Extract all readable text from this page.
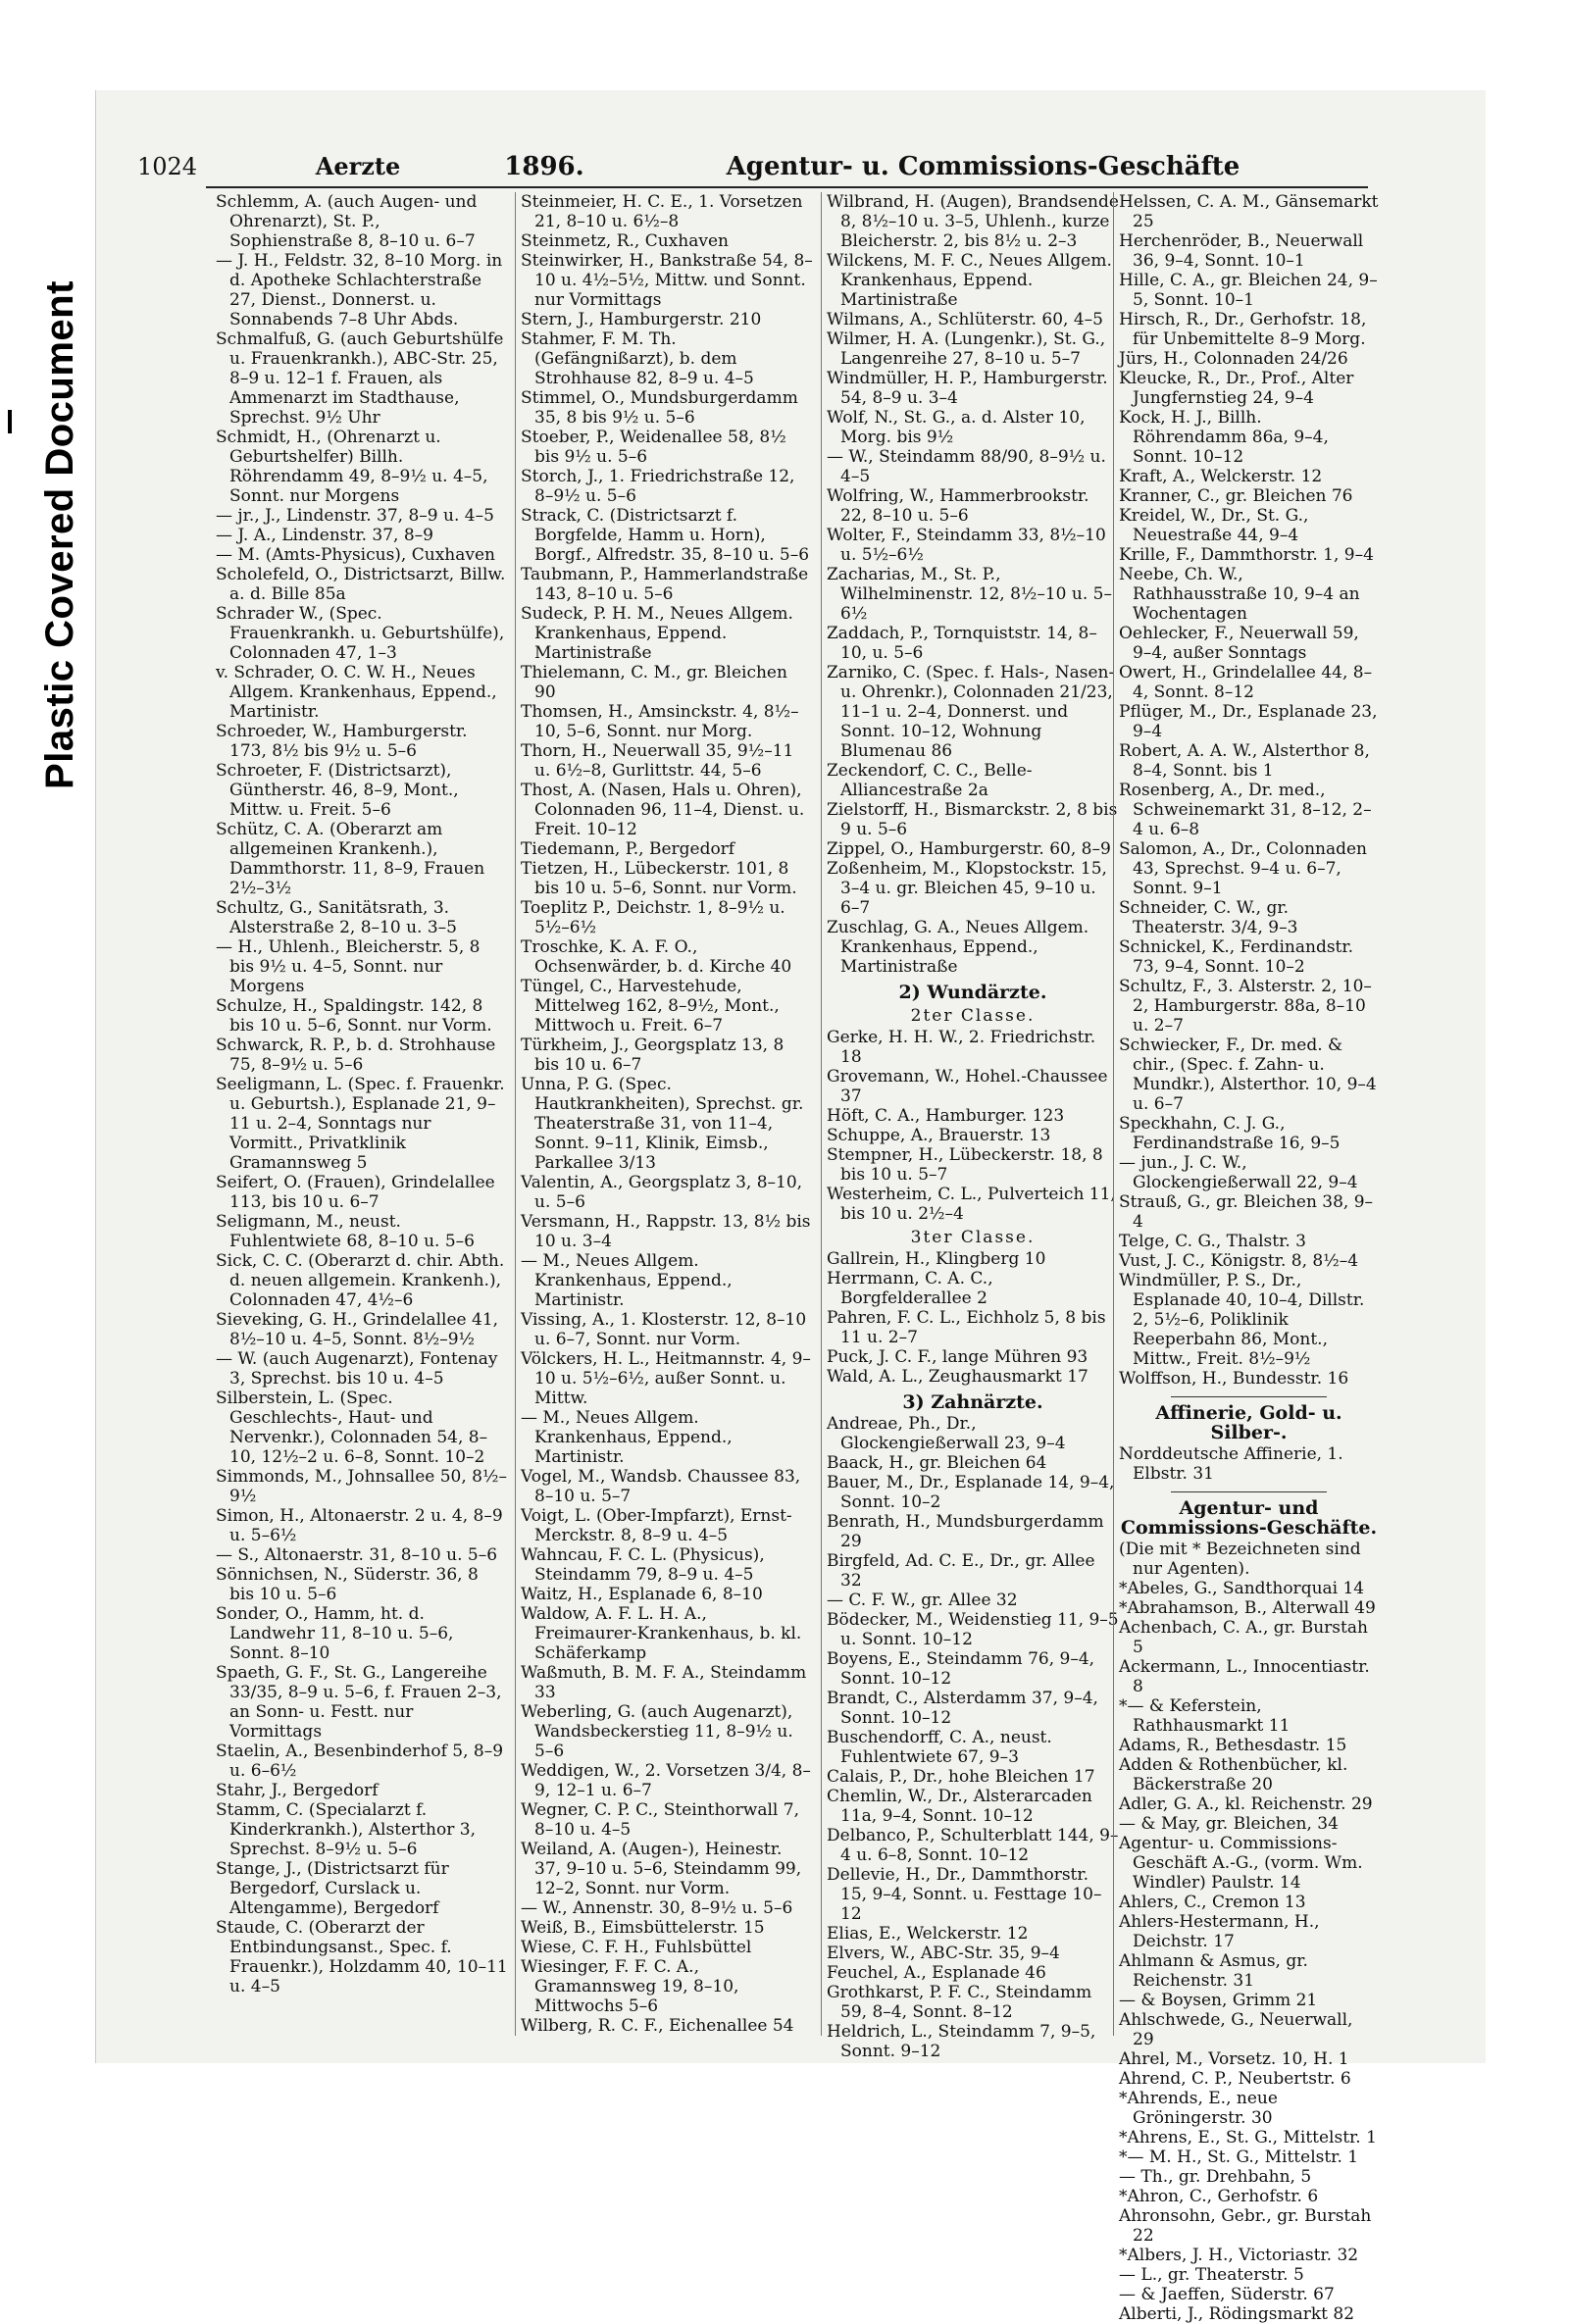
Plastic Covered Document
1024	Aerzte	1896.	Agentur- u. Commissions-Geschäfte

Schlemm, A. (auch Augen- und Ohrenarzt), St. P., Sophienstraße 8, 8–10 u. 6–7

— J. H., Feldstr. 32, 8–10 Morg. in d. Apotheke Schlachterstraße 27, Dienst., Donnerst. u. Sonnabends 7–8 Uhr Abds.

Schmalfuß, G. (auch Geburtshülfe u. Frauenkrankh.), ABC-Str. 25, 8–9 u. 12–1 f. Frauen, als Ammenarzt im Stadthause, Sprechst. 9½ Uhr

Schmidt, H., (Ohrenarzt u. Geburtshelfer) Billh. Röhrendamm 49, 8–9½ u. 4–5, Sonnt. nur Morgens

— jr., J., Lindenstr. 37, 8–9 u. 4–5

— J. A., Lindenstr. 37, 8–9

— M. (Amts-Physicus), Cuxhaven

Scholefeld, O., Districtsarzt, Billw. a. d. Bille 85a

Schrader W., (Spec. Frauenkrankh. u. Geburtshülfe), Colonnaden 47, 1–3

v. Schrader, O. C. W. H., Neues Allgem. Krankenhaus, Eppend., Martinistr.

Schroeder, W., Hamburgerstr. 173, 8½ bis 9½ u. 5–6

Schroeter, F. (Districtsarzt), Güntherstr. 46, 8–9, Mont., Mittw. u. Freit. 5–6

Schütz, C. A. (Oberarzt am allgemeinen Krankenh.), Dammthorstr. 11, 8–9, Frauen 2½–3½

Schultz, G., Sanitätsrath, 3. Alsterstraße 2, 8–10 u. 3–5

— H., Uhlenh., Bleicherstr. 5, 8 bis 9½ u. 4–5, Sonnt. nur Morgens

Schulze, H., Spaldingstr. 142, 8 bis 10 u. 5–6, Sonnt. nur Vorm.

Schwarck, R. P., b. d. Strohhause 75, 8–9½ u. 5–6

Seeligmann, L. (Spec. f. Frauenkr. u. Geburtsh.), Esplanade 21, 9–11 u. 2–4, Sonntags nur Vormitt., Privatklinik Gramannsweg 5

Seifert, O. (Frauen), Grindelallee 113, bis 10 u. 6–7

Seligmann, M., neust. Fuhlentwiete 68, 8–10 u. 5–6

Sick, C. C. (Oberarzt d. chir. Abth. d. neuen allgemein. Krankenh.), Colonnaden 47, 4½–6

Sieveking, G. H., Grindelallee 41, 8½–10 u. 4–5, Sonnt. 8½–9½

— W. (auch Augenarzt), Fontenay 3, Sprechst. bis 10 u. 4–5

Silberstein, L. (Spec. Geschlechts-, Haut- und Nervenkr.), Colonnaden 54, 8–10, 12½–2 u. 6–8, Sonnt. 10–2

Simmonds, M., Johnsallee 50, 8½–9½

Simon, H., Altonaerstr. 2 u. 4, 8–9 u. 5–6½

— S., Altonaerstr. 31, 8–10 u. 5–6

Sönnichsen, N., Süderstr. 36, 8 bis 10 u. 5–6

Sonder, O., Hamm, ht. d. Landwehr 11, 8–10 u. 5–6, Sonnt. 8–10

Spaeth, G. F., St. G., Langereihe 33/35, 8–9 u. 5–6, f. Frauen 2–3, an Sonn- u. Festt. nur Vormittags

Staelin, A., Besenbinderhof 5, 8–9 u. 6–6½

Stahr, J., Bergedorf

Stamm, C. (Specialarzt f. Kinderkrankh.), Alsterthor 3, Sprechst. 8–9½ u. 5–6

Stange, J., (Districtsarzt für Bergedorf, Curslack u. Altengamme), Bergedorf

Staude, C. (Oberarzt der Entbindungsanst., Spec. f. Frauenkr.), Holzdamm 40, 10–11 u. 4–5

Steinmeier, H. C. E., 1. Vorsetzen 21, 8–10 u. 6½–8

Steinmetz, R., Cuxhaven

Steinwirker, H., Bankstraße 54, 8–10 u. 4½–5½, Mittw. und Sonnt. nur Vormittags

Stern, J., Hamburgerstr. 210

Stahmer, F. M. Th. (Gefängnißarzt), b. dem Strohhause 82, 8–9 u. 4–5

Stimmel, O., Mundsburgerdamm 35, 8 bis 9½ u. 5–6

Stoeber, P., Weidenallee 58, 8½ bis 9½ u. 5–6

Storch, J., 1. Friedrichstraße 12, 8–9½ u. 5–6

Strack, C. (Districtsarzt f. Borgfelde, Hamm u. Horn), Borgf., Alfredstr. 35, 8–10 u. 5–6

Taubmann, P., Hammerlandstraße 143, 8–10 u. 5–6

Sudeck, P. H. M., Neues Allgem. Krankenhaus, Eppend. Martinistraße

Thielemann, C. M., gr. Bleichen 90

Thomsen, H., Amsinckstr. 4, 8½–10, 5–6, Sonnt. nur Morg.

Thorn, H., Neuerwall 35, 9½–11 u. 6½–8, Gurlittstr. 44, 5–6

Thost, A. (Nasen, Hals u. Ohren), Colonnaden 96, 11–4, Dienst. u. Freit. 10–12

Tiedemann, P., Bergedorf

Tietzen, H., Lübeckerstr. 101, 8 bis 10 u. 5–6, Sonnt. nur Vorm.

Toeplitz P., Deichstr. 1, 8–9½ u. 5½–6½

Troschke, K. A. F. O., Ochsenwärder, b. d. Kirche 40

Tüngel, C., Harvestehude, Mittelweg 162, 8–9½, Mont., Mittwoch u. Freit. 6–7

Türkheim, J., Georgsplatz 13, 8 bis 10 u. 6–7

Unna, P. G. (Spec. Hautkrankheiten), Sprechst. gr. Theaterstraße 31, von 11–4, Sonnt. 9–11, Klinik, Eimsb., Parkallee 3/13

Valentin, A., Georgsplatz 3, 8–10, u. 5–6

Versmann, H., Rappstr. 13, 8½ bis 10 u. 3–4

— M., Neues Allgem. Krankenhaus, Eppend., Martinistr.

Vissing, A., 1. Klosterstr. 12, 8–10 u. 6–7, Sonnt. nur Vorm.

Völckers, H. L., Heitmannstr. 4, 9–10 u. 5½–6½, außer Sonnt. u. Mittw.

— M., Neues Allgem. Krankenhaus, Eppend., Martinistr.

Vogel, M., Wandsb. Chaussee 83, 8–10 u. 5–7

Voigt, L. (Ober-Impfarzt), Ernst-Merckstr. 8, 8–9 u. 4–5

Wahncau, F. C. L. (Physicus), Steindamm 79, 8–9 u. 4–5

Waitz, H., Esplanade 6, 8–10

Waldow, A. F. L. H. A., Freimaurer-Krankenhaus, b. kl. Schäferkamp

Waßmuth, B. M. F. A., Steindamm 33

Weberling, G. (auch Augenarzt), Wandsbeckerstieg 11, 8–9½ u. 5–6

Weddigen, W., 2. Vorsetzen 3/4, 8–9, 12–1 u. 6–7

Wegner, C. P. C., Steinthorwall 7, 8–10 u. 4–5

Weiland, A. (Augen-), Heinestr. 37, 9–10 u. 5–6, Steindamm 99, 12–2, Sonnt. nur Vorm.

— W., Annenstr. 30, 8–9½ u. 5–6

Weiß, B., Eimsbüttelerstr. 15

Wiese, C. F. H., Fuhlsbüttel

Wiesinger, F. F. C. A., Gramannsweg 19, 8–10, Mittwochs 5–6

Wilberg, R. C. F., Eichenallee 54

Wilbrand, H. (Augen), Brandsende 8, 8½–10 u. 3–5, Uhlenh., kurze Bleicherstr. 2, bis 8½ u. 2–3

Wilckens, M. F. C., Neues Allgem. Krankenhaus, Eppend. Martinistraße

Wilmans, A., Schlüterstr. 60, 4–5

Wilmer, H. A. (Lungenkr.), St. G., Langenreihe 27, 8–10 u. 5–7

Windmüller, H. P., Hamburgerstr. 54, 8–9 u. 3–4

Wolf, N., St. G., a. d. Alster 10, Morg. bis 9½

— W., Steindamm 88/90, 8–9½ u. 4–5

Wolfring, W., Hammerbrookstr. 22, 8–10 u. 5–6

Wolter, F., Steindamm 33, 8½–10 u. 5½–6½

Zacharias, M., St. P., Wilhelminenstr. 12, 8½–10 u. 5–6½

Zaddach, P., Tornquiststr. 14, 8–10, u. 5–6

Zarniko, C. (Spec. f. Hals-, Nasen- u. Ohrenkr.), Colonnaden 21/23, 11–1 u. 2–4, Donnerst. und Sonnt. 10–12, Wohnung Blumenau 86

Zeckendorf, C. C., Belle-Alliancestraße 2a

Zielstorff, H., Bismarckstr. 2, 8 bis 9 u. 5–6

Zippel, O., Hamburgerstr. 60, 8–9

Zoßenheim, M., Klopstockstr. 15, 3–4 u. gr. Bleichen 45, 9–10 u. 6–7

Zuschlag, G. A., Neues Allgem. Krankenhaus, Eppend., Martinistraße

2) Wundärzte.
2ter Classe.

Gerke, H. H. W., 2. Friedrichstr. 18

Grovemann, W., Hohel.-Chaussee 37

Höft, C. A., Hamburger. 123

Schuppe, A., Brauerstr. 13

Stempner, H., Lübeckerstr. 18, 8 bis 10 u. 5–7

Westerheim, C. L., Pulverteich 11, bis 10 u. 2½–4

3ter Classe.

Gallrein, H., Klingberg 10

Herrmann, C. A. C., Borgfelderallee 2

Pahren, F. C. L., Eichholz 5, 8 bis 11 u. 2–7

Puck, J. C. F., lange Mühren 93

Wald, A. L., Zeughausmarkt 17

3) Zahnärzte.

Andreae, Ph., Dr., Glockengießerwall 23, 9–4

Baack, H., gr. Bleichen 64

Bauer, M., Dr., Esplanade 14, 9–4, Sonnt. 10–2

Benrath, H., Mundsburgerdamm 29

Birgfeld, Ad. C. E., Dr., gr. Allee 32

— C. F. W., gr. Allee 32

Bödecker, M., Weidenstieg 11, 9–5 u. Sonnt. 10–12

Boyens, E., Steindamm 76, 9–4, Sonnt. 10–12

Brandt, C., Alsterdamm 37, 9–4, Sonnt. 10–12

Buschendorff, C. A., neust. Fuhlentwiete 67, 9–3

Calais, P., Dr., hohe Bleichen 17

Chemlin, W., Dr., Alsterarcaden 11a, 9–4, Sonnt. 10–12

Delbanco, P., Schulterblatt 144, 9–4 u. 6–8, Sonnt. 10–12

Dellevie, H., Dr., Dammthorstr. 15, 9–4, Sonnt. u. Festtage 10–12

Elias, E., Welckerstr. 12

Elvers, W., ABC-Str. 35, 9–4

Feuchel, A., Esplanade 46

Grothkarst, P. F. C., Steindamm 59, 8–4, Sonnt. 8–12

Heldrich, L., Steindamm 7, 9–5, Sonnt. 9–12

Helssen, C. A. M., Gänsemarkt 25

Herchenröder, B., Neuerwall 36, 9–4, Sonnt. 10–1

Hille, C. A., gr. Bleichen 24, 9–5, Sonnt. 10–1

Hirsch, R., Dr., Gerhofstr. 18, für Unbemittelte 8–9 Morg.

Jürs, H., Colonnaden 24/26

Kleucke, R., Dr., Prof., Alter Jungfernstieg 24, 9–4

Kock, H. J., Billh. Röhrendamm 86a, 9–4, Sonnt. 10–12

Kraft, A., Welckerstr. 12

Kranner, C., gr. Bleichen 76

Kreidel, W., Dr., St. G., Neuestraße 44, 9–4

Krille, F., Dammthorstr. 1, 9–4

Neebe, Ch. W., Rathhausstraße 10, 9–4 an Wochentagen

Oehlecker, F., Neuerwall 59, 9–4, außer Sonntags

Owert, H., Grindelallee 44, 8–4, Sonnt. 8–12

Pflüger, M., Dr., Esplanade 23, 9–4

Robert, A. A. W., Alsterthor 8, 8–4, Sonnt. bis 1

Rosenberg, A., Dr. med., Schweinemarkt 31, 8–12, 2–4 u. 6–8

Salomon, A., Dr., Colonnaden 43, Sprechst. 9–4 u. 6–7, Sonnt. 9–1

Schneider, C. W., gr. Theaterstr. 3/4, 9–3

Schnickel, K., Ferdinandstr. 73, 9–4, Sonnt. 10–2

Schultz, F., 3. Alsterstr. 2, 10–2, Hamburgerstr. 88a, 8–10 u. 2–7

Schwiecker, F., Dr. med. & chir., (Spec. f. Zahn- u. Mundkr.), Alsterthor. 10, 9–4 u. 6–7

Speckhahn, C. J. G., Ferdinandstraße 16, 9–5

— jun., J. C. W., Glockengießerwall 22, 9–4

Strauß, G., gr. Bleichen 38, 9–4

Telge, C. G., Thalstr. 3

Vust, J. C., Königstr. 8, 8½–4

Windmüller, P. S., Dr., Esplanade 40, 10–4, Dillstr. 2, 5½–6, Poliklinik Reeperbahn 86, Mont., Mittw., Freit. 8½–9½

Wolffson, H., Bundesstr. 16

Affinerie, Gold- u. Silber-.

Norddeutsche Affinerie, 1. Elbstr. 31

Agentur- und Commissions-Geschäfte.
(Die mit * Bezeichneten sind nur Agenten).

*Abeles, G., Sandthorquai 14

*Abrahamson, B., Alterwall 49

Achenbach, C. A., gr. Burstah 5

Ackermann, L., Innocentiastr. 8

*— & Keferstein, Rathhausmarkt 11

Adams, R., Bethesdastr. 15

Adden & Rothenbücher, kl. Bäckerstraße 20

Adler, G. A., kl. Reichenstr. 29

— & May, gr. Bleichen, 34

Agentur- u. Commissions-Geschäft A.-G., (vorm. Wm. Windler) Paulstr. 14

Ahlers, C., Cremon 13

Ahlers-Hestermann, H., Deichstr. 17

Ahlmann & Asmus, gr. Reichenstr. 31

— & Boysen, Grimm 21

Ahlschwede, G., Neuerwall, 29

Ahrel, M., Vorsetz. 10, H. 1

Ahrend, C. P., Neubertstr. 6

*Ahrends, E., neue Gröningerstr. 30

*Ahrens, E., St. G., Mittelstr. 1

*— M. H., St. G., Mittelstr. 1

— Th., gr. Drehbahn, 5

*Ahron, C., Gerhofstr. 6

Ahronsohn, Gebr., gr. Burstah 22

*Albers, J. H., Victoriastr. 32

— L., gr. Theaterstr. 5

— & Jaeffen, Süderstr. 67

Alberti, J., Rödingsmarkt 82
